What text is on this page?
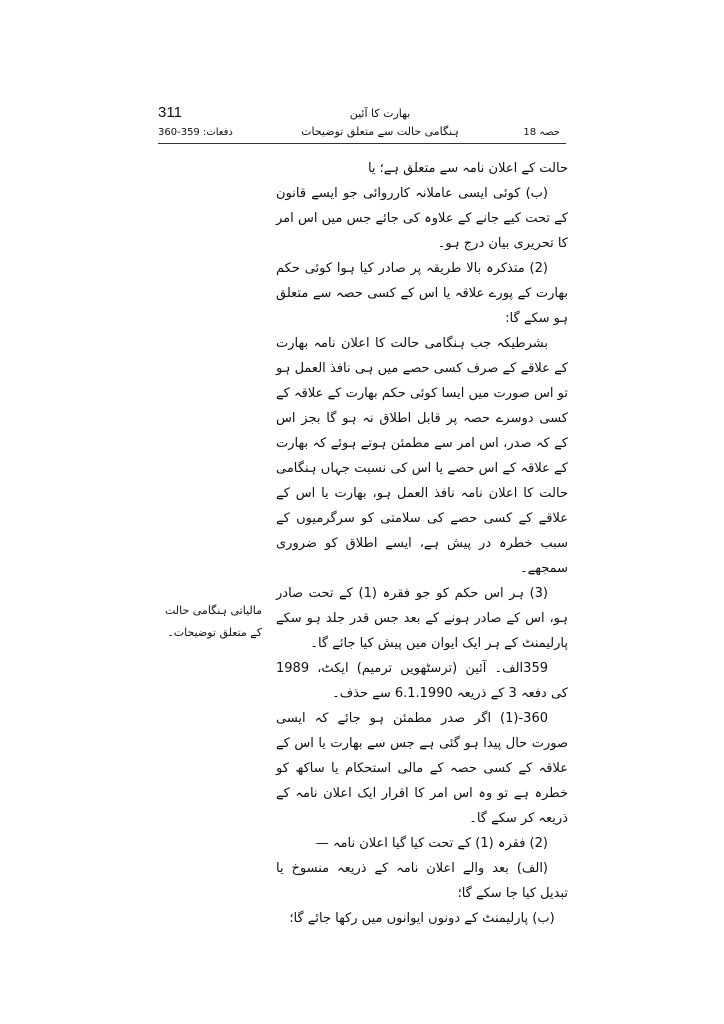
311	بھارت کا آئین
دفعات: 359-360	ہنگامی حالت سے متعلق توضیحات	حصہ 18

حالت کے اعلان نامہ سے متعلق ہے؛ یا

(ب) کوئی ایسی عاملانہ کارروائی جو ایسے قانون کے تحت کیے جانے کے علاوہ کی جائے جس میں اس امر کا تحریری بیان درج ہو۔

(2) متذکرہ بالا طریقہ پر صادر کیا ہوا کوئی حکم بھارت کے پورے علاقہ یا اس کے کسی حصہ سے متعلق ہو سکے گا:

بشرطیکہ جب ہنگامی حالت کا اعلان نامہ بھارت کے علاقے کے صرف کسی حصے میں ہی نافذ العمل ہو تو اس صورت میں ایسا کوئی حکم بھارت کے علاقہ کے کسی دوسرے حصہ پر قابل اطلاق نہ ہو گا بجز اس کے کہ صدر، اس امر سے مطمئن ہوتے ہوئے کہ بھارت کے علاقہ کے اس حصے یا اس کی نسبت جہاں ہنگامی حالت کا اعلان نامہ نافذ العمل ہو، بھارت یا اس کے علاقے کے کسی حصے کی سلامتی کو سرگرمیوں کے سبب خطرہ در پیش ہے، ایسے اطلاق کو ضروری سمجھے۔

(3) ہر اس حکم کو جو فقرہ (1) کے تحت صادر ہو، اس کے صادر ہونے کے بعد جس قدر جلد ہو سکے پارلیمنٹ کے ہر ایک ایوان میں پیش کیا جائے گا۔

359الف۔ آئین (ترسٹھویں ترمیم) ایکٹ، 1989 کی دفعہ 3 کے ذریعہ 6.1.1990 سے حذف۔

360-(1) اگر صدر مطمئن ہو جائے کہ ایسی صورت حال پیدا ہو گئی ہے جس سے بھارت یا اس کے علاقہ کے کسی حصہ کے مالی استحکام یا ساکھ کو خطرہ ہے تو وہ اس امر کا اقرار ایک اعلان نامہ کے ذریعہ کر سکے گا۔

(2) فقرہ (1) کے تحت کیا گیا اعلان نامہ —

(الف) بعد والے اعلان نامہ کے ذریعہ منسوخ یا تبدیل کیا جا سکے گا؛

(ب) پارلیمنٹ کے دونوں ایوانوں میں رکھا جائے گا؛

مالیاتی ہنگامی حالت کے متعلق توضیحات۔
